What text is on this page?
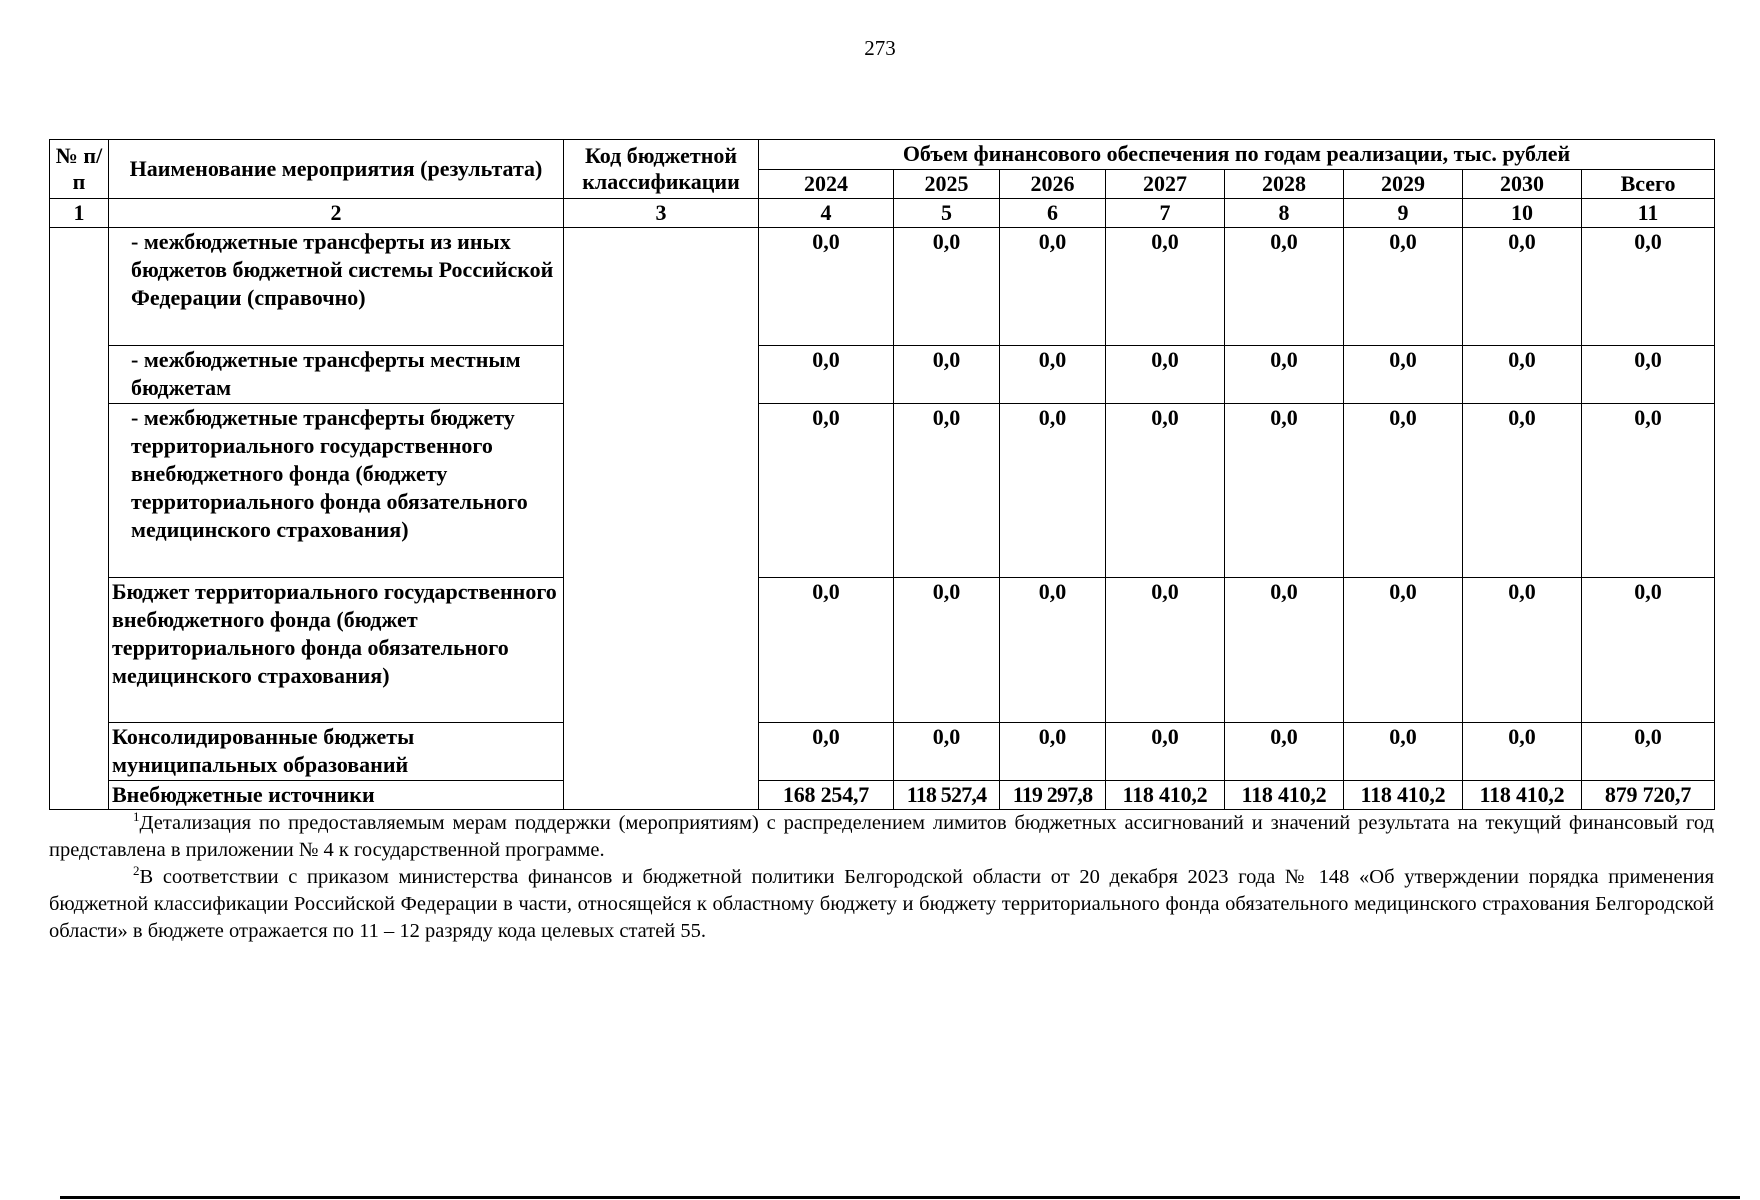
273
№ п/п	Наименование мероприятия (результата)	Код бюджетной классификации	Объем финансового обеспечения по годам реализации, тыс. рублей							
			2024	2025	2026	2027	2028	2029	2030	Всего
1	2	3	4	5	6	7	8	9	10	11
	- межбюджетные трансферты из иных бюджетов бюджетной системы Российской Федерации (справочно)		0,0	0,0	0,0	0,0	0,0	0,0	0,0	0,0
	- межбюджетные трансферты местным бюджетам		0,0	0,0	0,0	0,0	0,0	0,0	0,0	0,0
	- межбюджетные трансферты бюджету территориального государственного внебюджетного фонда (бюджету территориального фонда обязательного медицинского страхования)		0,0	0,0	0,0	0,0	0,0	0,0	0,0	0,0
	Бюджет территориального государственного внебюджетного фонда (бюджет территориального фонда обязательного медицинского страхования)		0,0	0,0	0,0	0,0	0,0	0,0	0,0	0,0
	Консолидированные бюджеты муниципальных образований		0,0	0,0	0,0	0,0	0,0	0,0	0,0	0,0
	Внебюджетные источники		168 254,7	118 527,4	119 297,8	118 410,2	118 410,2	118 410,2	118 410,2	879 720,7

$^1$Детализация по предоставляемым мерам поддержки (мероприятиям) с распределением лимитов бюджетных ассигнований и значений результата на текущий финансовый год представлена в приложении № 4 к государственной программе.

$^2$В соответствии с приказом министерства финансов и бюджетной политики Белгородской области от 20 декабря 2023 года № 148 «Об утверждении порядка применения бюджетной классификации Российской Федерации в части, относящейся к областному бюджету и бюджету территориального фонда обязательного медицинского страхования Белгородской области» в бюджете отражается по 11 – 12 разряду кода целевых статей 55.
